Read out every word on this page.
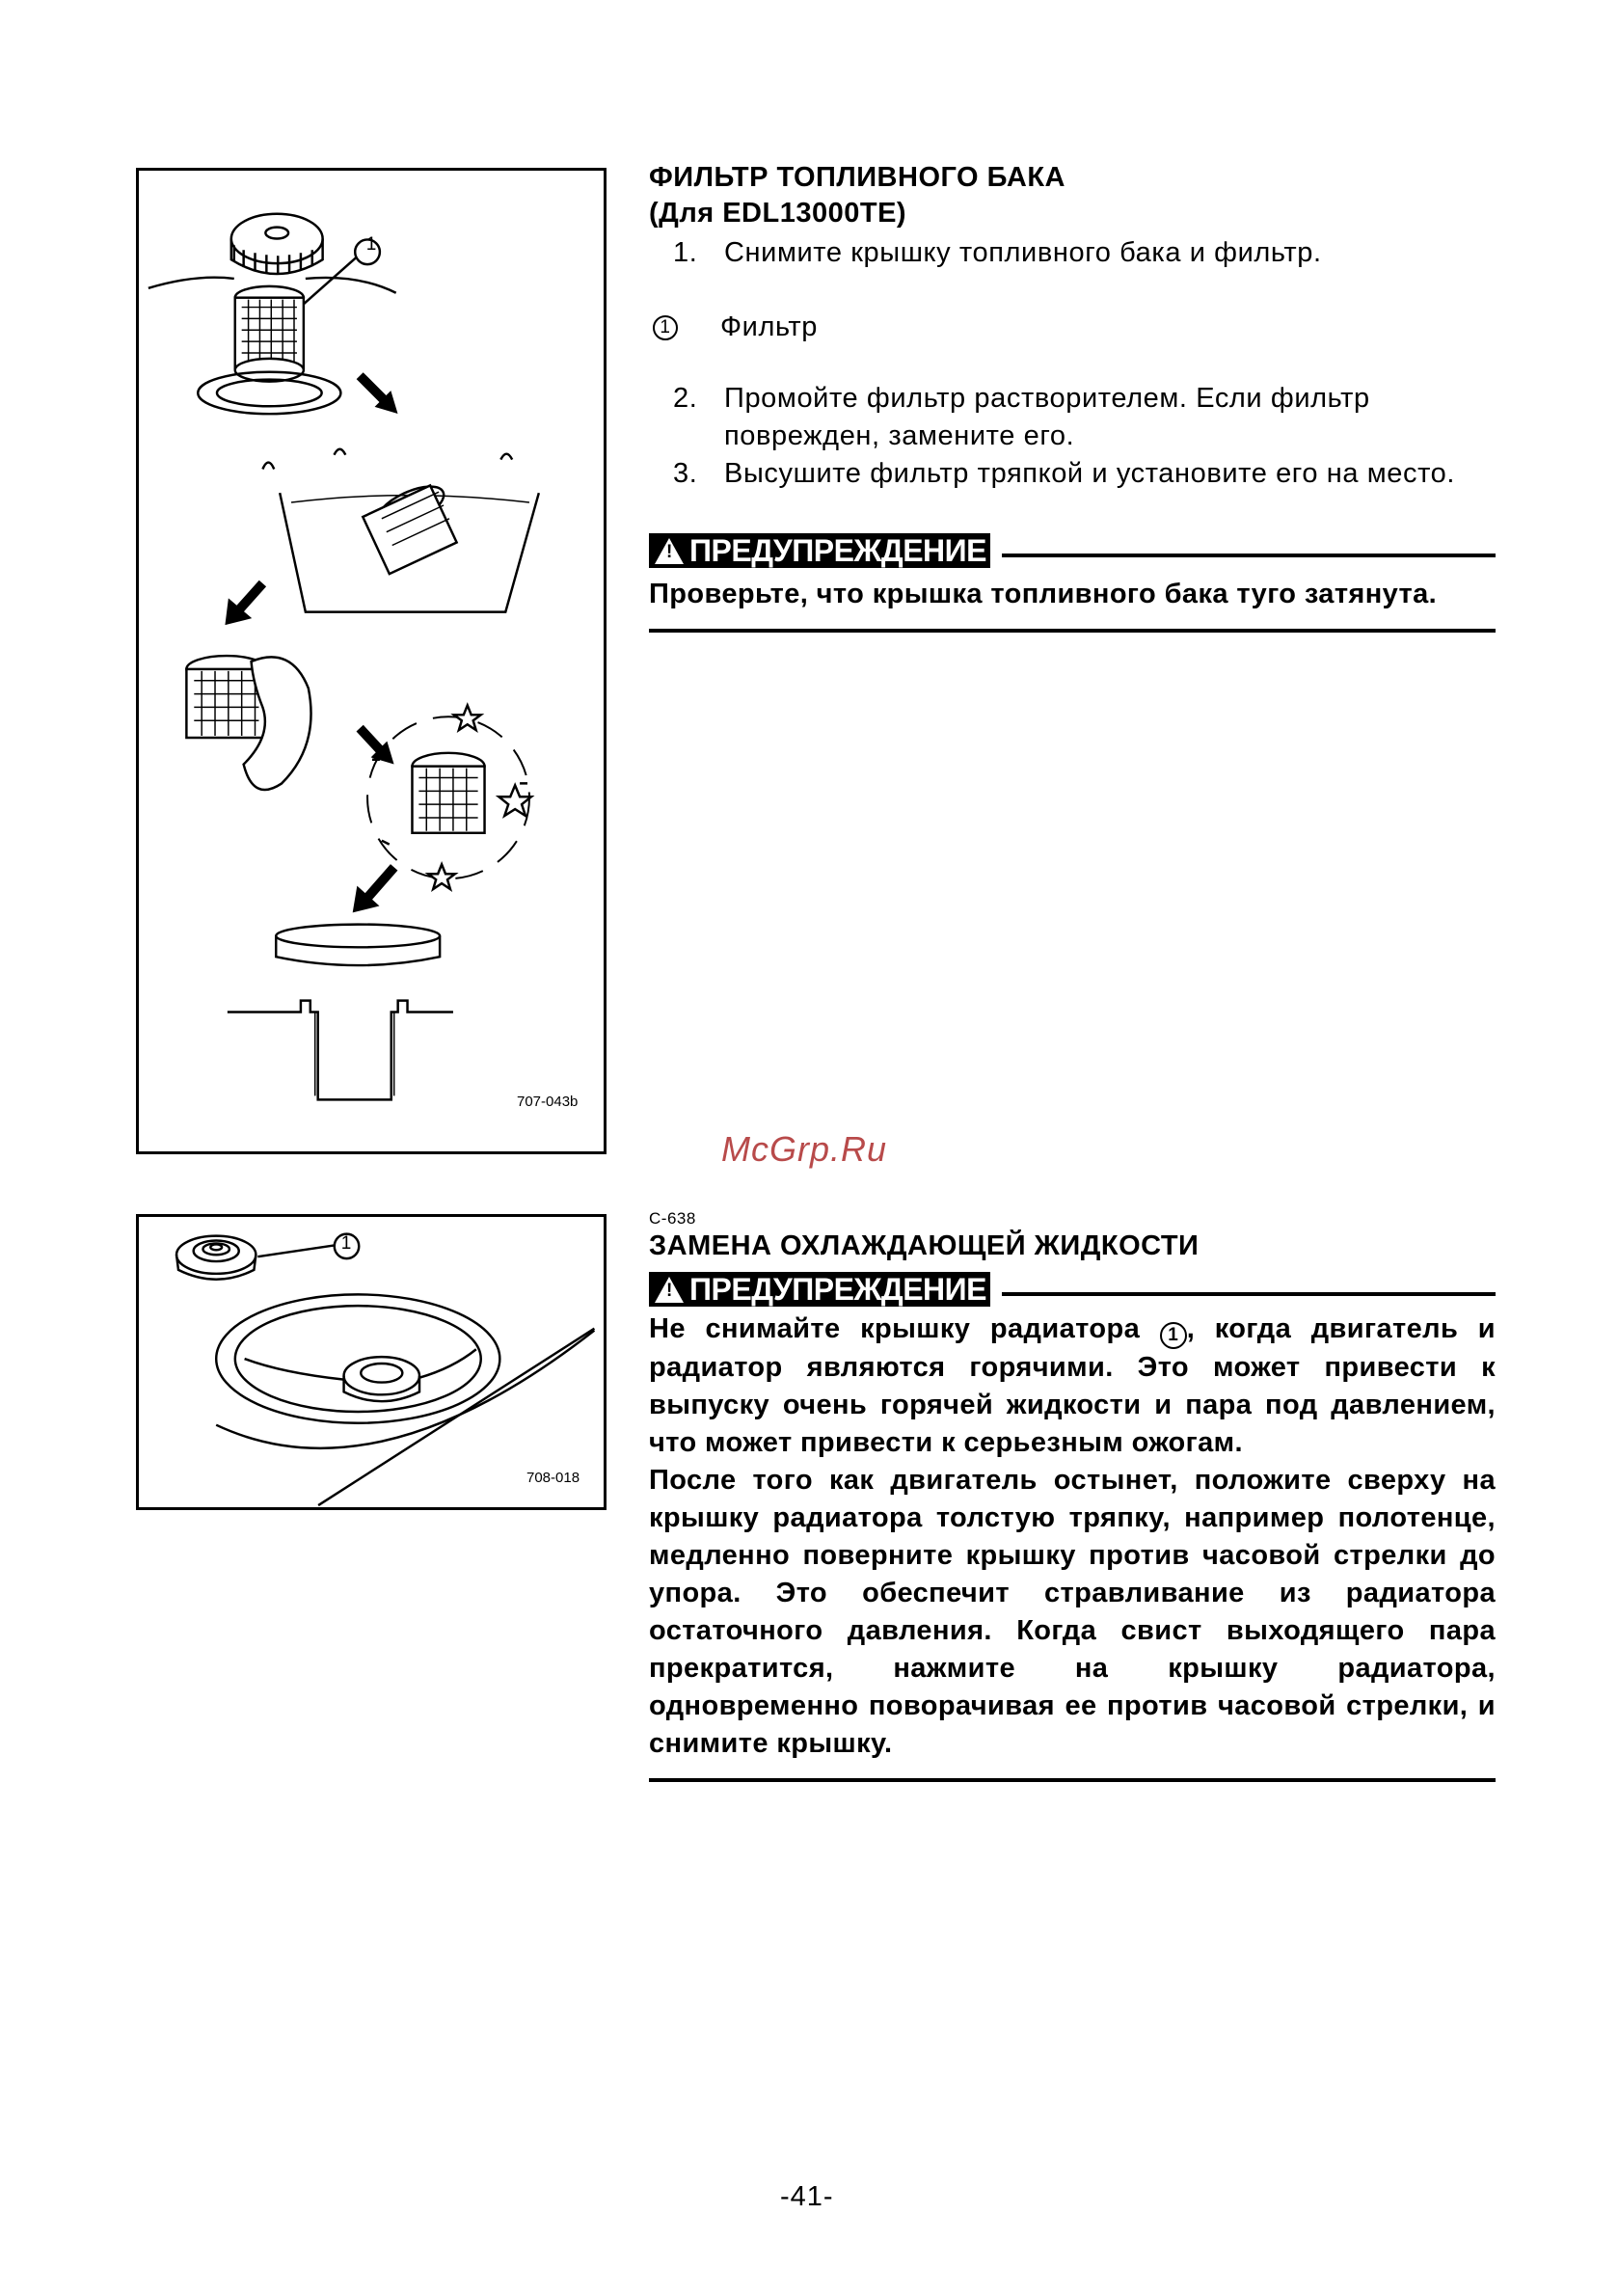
707-043b
708-018
ФИЛЬТР ТОПЛИВНОГО БАКА
(Для EDL13000TE)
1. Снимите крышку топливного бака и фильтр.
1 Фильтр
2. Промойте фильтр растворителем. Если фильтр поврежден, замените его.
3. Высушите фильтр тряпкой и установите его на место.
! ПРЕДУПРЕЖДЕНИЕ
Проверьте, что крышка топливного бака туго затянута.
McGrp.Ru
C-638
ЗАМЕНА ОХЛАЖДАЮЩЕЙ ЖИДКОСТИ
! ПРЕДУПРЕЖДЕНИЕ

Не снимайте крышку радиатора 1 , когда двигатель и радиатор являются горячими. Это может привести к выпуску очень горячей жидкости и пара под давлением, что может привести к серьезным ожогам.

После того как двигатель остынет, положите сверху на крышку радиатора толстую тряпку, например полотенце, медленно поверните крышку против часовой стрелки до упора. Это обеспечит стравливание из радиатора остаточного давления. Когда свист выходящего пара прекратится, нажмите на крышку радиатора, одновременно поворачивая ее против часовой стрелки, и снимите крышку.

1
1
-41-
